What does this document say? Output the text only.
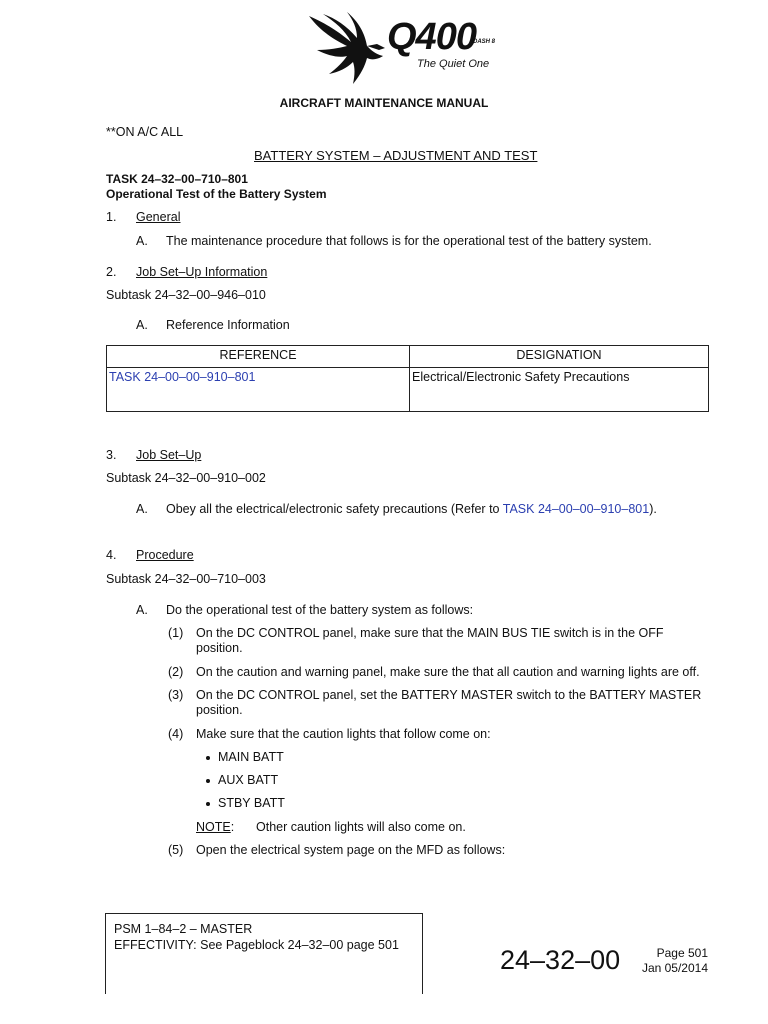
Q400
DASH 8
The Quiet One
AIRCRAFT MAINTENANCE MANUAL
**ON A/C ALL
BATTERY SYSTEM – ADJUSTMENT AND TEST
TASK 24–32–00–710–801
Operational Test of the Battery System
1. General
A. The maintenance procedure that follows is for the operational test of the battery system.
2. Job Set–Up Information
Subtask 24–32–00–946–010
A. Reference Information
REFERENCE	DESIGNATION
TASK 24–00–00–910–801	Electrical/Electronic Safety Precautions
3. Job Set–Up
Subtask 24–32–00–910–002
A. Obey all the electrical/electronic safety precautions (Refer to TASK 24–00–00–910–801).
4. Procedure
Subtask 24–32–00–710–003
A. Do the operational test of the battery system as follows:
(1) On the DC CONTROL panel, make sure that the MAIN BUS TIE switch is in the OFF
position.
(2) On the caution and warning panel, make sure the that all caution and warning lights are off.
(3) On the DC CONTROL panel, set the BATTERY MASTER switch to the BATTERY MASTER
position.
(4) Make sure that the caution lights that follow come on:
MAIN BATT
AUX BATT
STBY BATT
NOTE: Other caution lights will also come on.
(5) Open the electrical system page on the MFD as follows:
PSM 1–84–2 – MASTER
EFFECTIVITY: See Pageblock 24–32–00 page 501	24–32–00	Page 501
Jan 05/2014
